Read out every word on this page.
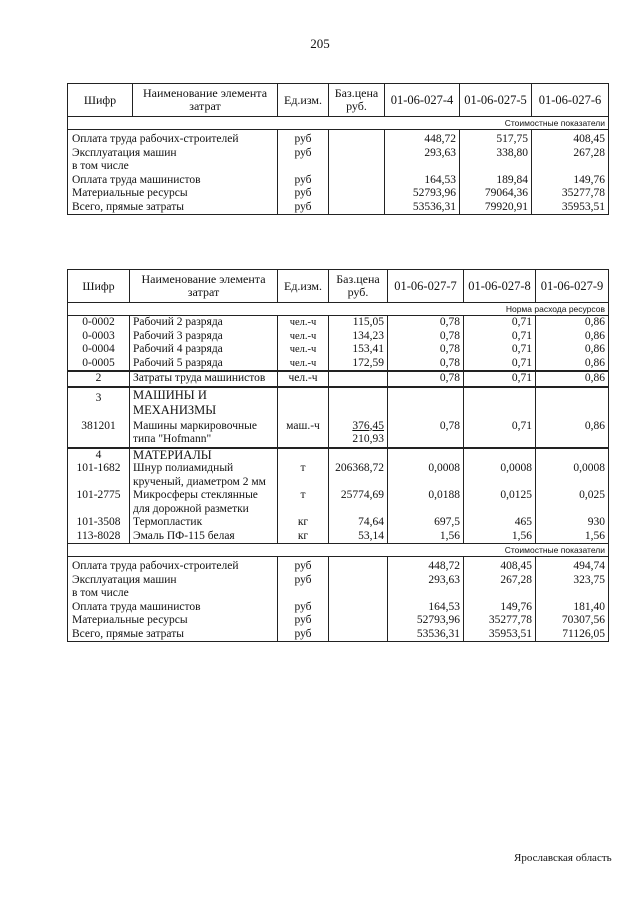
205
Шифр	Наименование элемента затрат	Ед.изм.	Баз.цена руб.	01-06-027-4	01-06-027-5	01-06-027-6
Стоимостные показатели						
Оплата труда рабочих-строителей		руб		448,72	517,75	408,45
Эксплуатация машин		руб		293,63	338,80	267,28
в том числе						
Оплата труда машинистов		руб		164,53	189,84	149,76
Материальные ресурсы		руб		52793,96	79064,36	35277,78
Всего, прямые затраты		руб		53536,31	79920,91	35953,51
Шифр	Наименование элемента затрат	Ед.изм.	Баз.цена руб.	01-06-027-7	01-06-027-8	01-06-027-9
Норма расхода ресурсов						
0-0002	Рабочий 2 разряда	чел.-ч	115,05	0,78	0,71	0,86
0-0003	Рабочий 3 разряда	чел.-ч	134,23	0,78	0,71	0,86
0-0004	Рабочий 4 разряда	чел.-ч	153,41	0,78	0,71	0,86
0-0005	Рабочий 5 разряда	чел.-ч	172,59	0,78	0,71	0,86
2	Затраты труда машинистов	чел.-ч		0,78	0,71	0,86
3	МАШИНЫ И МЕХАНИЗМЫ					
381201	Машины маркировочные типа "Hofmann"	маш.-ч	$\frac{376,45}{210,93}$	0,78	0,71	0,86
4	МАТЕРИАЛЫ					
101-1682	Шнур полиамидный крученый, диаметром 2 мм	т	206368,72	0,0008	0,0008	0,0008
101-2775	Микросферы стеклянные для дорожной разметки	т	25774,69	0,0188	0,0125	0,025
101-3508	Термопластик	кг	74,64	697,5	465	930
113-8028	Эмаль ПФ-115 белая	кг	53,14	1,56	1,56	1,56
Стоимостные показатели						
Оплата труда рабочих-строителей		руб		448,72	408,45	494,74
Эксплуатация машин		руб		293,63	267,28	323,75
в том числе						
Оплата труда машинистов		руб		164,53	149,76	181,40
Материальные ресурсы		руб		52793,96	35277,78	70307,56
Всего, прямые затраты		руб		53536,31	35953,51	71126,05
Ярославская область
